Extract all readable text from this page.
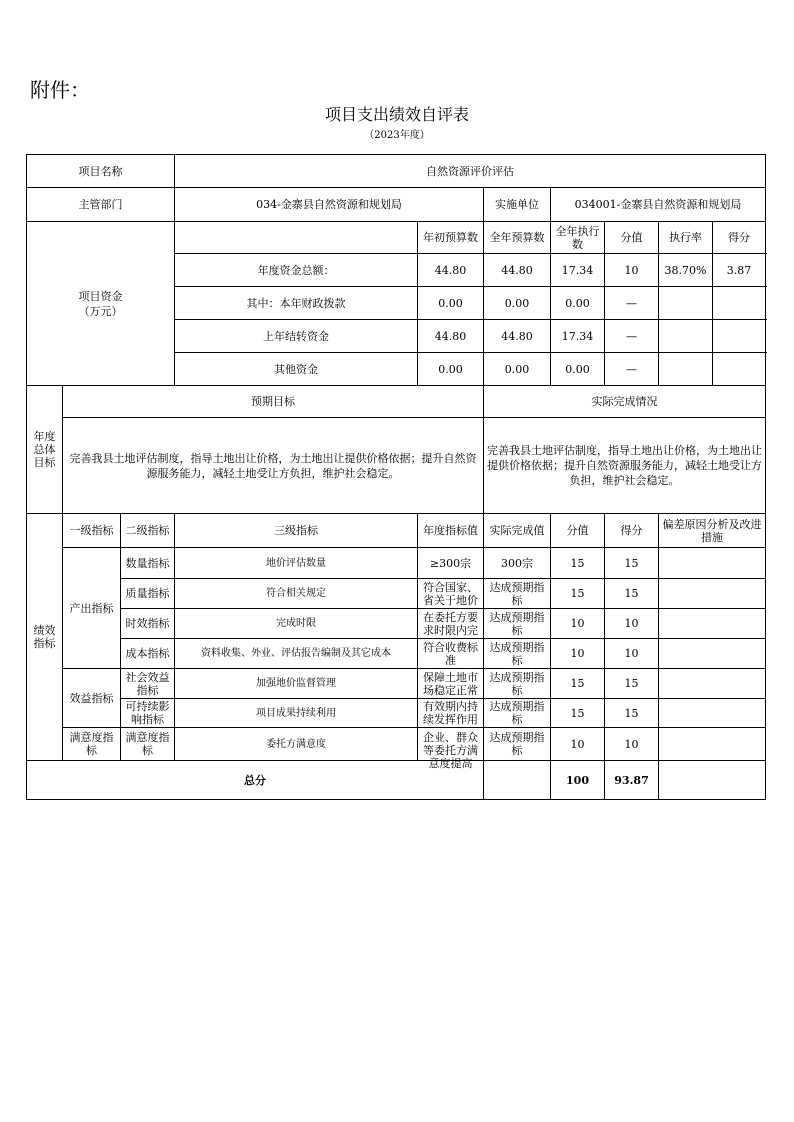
附件：
项目支出绩效自评表
（2023年度）
项目名称			自然资源评价评估						
主管部门			034-金寨县自然资源和规划局		实施单位	034001-金寨县自然资源和规划局			
项目资金
（万元）				年初预算数	全年预算数	全年执行数	分值	执行率	得分
			年度资金总额：	44.80	44.80	17.34	10	38.70%	3.87
			其中：本年财政拨款	0.00	0.00	0.00	—		
			上年结转资金	44.80	44.80	17.34	—		
			其他资金	0.00	0.00	0.00	—		
年度总体目标	预期目标				实际完成情况				
	完善我县土地评估制度，指导土地出让价格，为土地出让提供价格依据；提升自然资源服务能力，减轻土地受让方负担，维护社会稳定。				完善我县土地评估制度，指导土地出让价格，为土地出让提供价格依据；提升自然资源服务能力，减轻土地受让方负担，维护社会稳定。				
绩效指标	一级指标	二级指标	三级指标	年度指标值	实际完成值	分值	得分	偏差原因分析及改进措施	
	产出指标	数量指标	地价评估数量	≥300宗	300宗	15	15		
		质量指标	符合相关规定	符合国家、省关于地价	达成预期指标	15	15		
		时效指标	完成时限	在委托方要求时限内完	达成预期指标	10	10		
		成本指标	资料收集、外业、评估报告编制及其它成本	符合收费标准	达成预期指标	10	10		
	效益指标	社会效益指标	加强地价监督管理	保障土地市场稳定正常	达成预期指标	15	15		
		可持续影响指标	项目成果持续利用	有效期内持续发挥作用	达成预期指标	15	15		
	满意度指标	满意度指标	委托方满意度	企业、群众等委托方满意度提高	达成预期指标	10	10		
总分						100	93.87		
